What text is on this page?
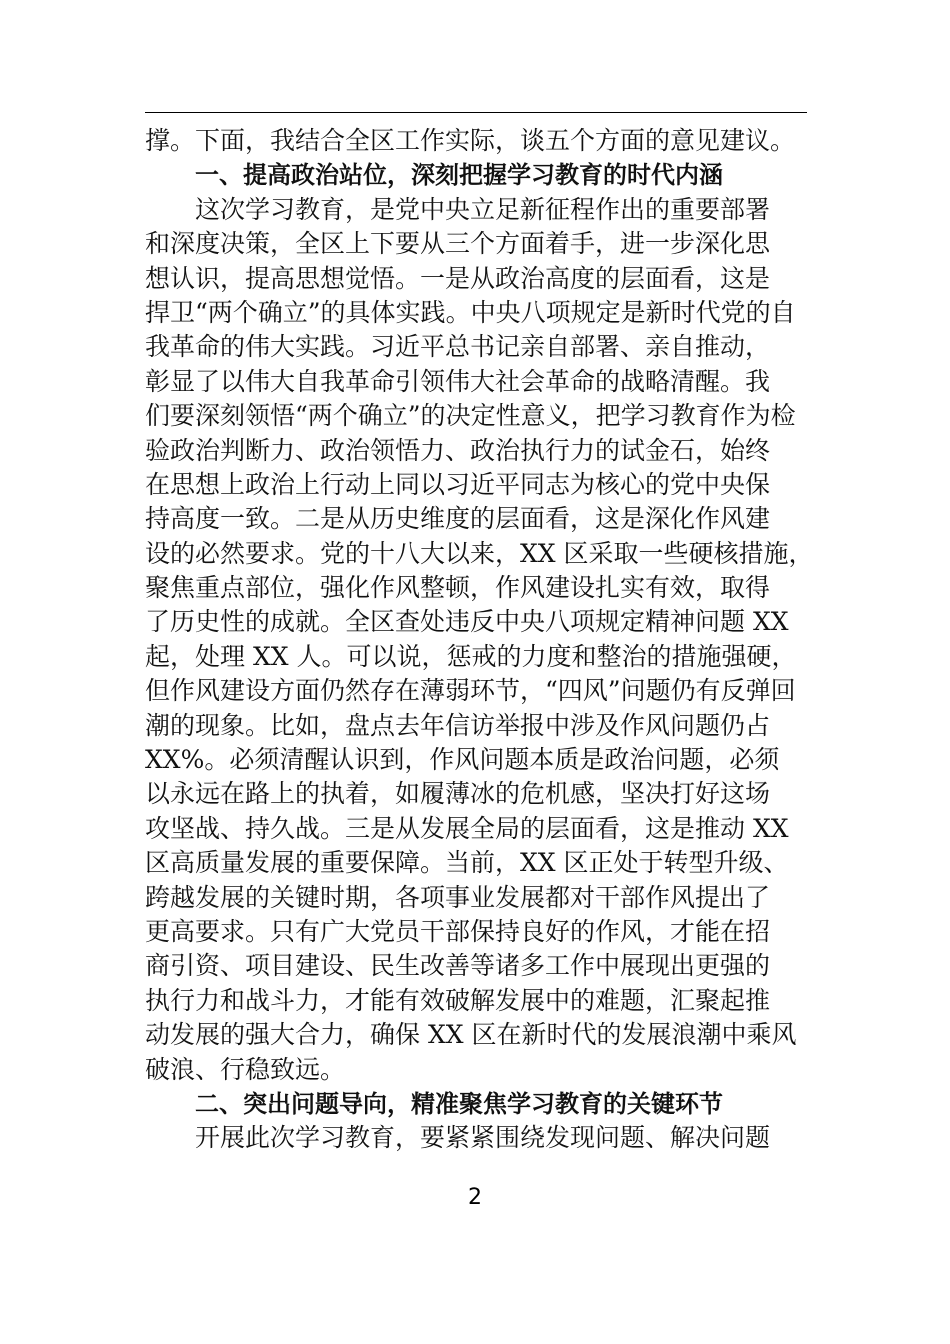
撑。下面，我结合全区工作实际，谈五个方面的意见建议。
一、提高政治站位，深刻把握学习教育的时代内涵
这次学习教育，是党中央立足新征程作出的重要部署
和深度决策，全区上下要从三个方面着手，进一步深化思
想认识，提高思想觉悟。一是从政治高度的层面看，这是
捍卫“两个确立”的具体实践。中央八项规定是新时代党的自
我革命的伟大实践。习近平总书记亲自部署、亲自推动，
彰显了以伟大自我革命引领伟大社会革命的战略清醒。我
们要深刻领悟“两个确立”的决定性意义，把学习教育作为检
验政治判断力、政治领悟力、政治执行力的试金石，始终
在思想上政治上行动上同以习近平同志为核心的党中央保
持高度一致。二是从历史维度的层面看，这是深化作风建
设的必然要求。党的十八大以来，XX 区采取一些硬核措施，
聚焦重点部位，强化作风整顿，作风建设扎实有效，取得
了历史性的成就。全区查处违反中央八项规定精神问题 XX
起，处理 XX 人。可以说，惩戒的力度和整治的措施强硬，
但作风建设方面仍然存在薄弱环节，“四风”问题仍有反弹回
潮的现象。比如，盘点去年信访举报中涉及作风问题仍占
XX%。必须清醒认识到，作风问题本质是政治问题，必须
以永远在路上的执着，如履薄冰的危机感，坚决打好这场
攻坚战、持久战。三是从发展全局的层面看，这是推动 XX
区高质量发展的重要保障。当前，XX 区正处于转型升级、
跨越发展的关键时期，各项事业发展都对干部作风提出了
更高要求。只有广大党员干部保持良好的作风，才能在招
商引资、项目建设、民生改善等诸多工作中展现出更强的
执行力和战斗力，才能有效破解发展中的难题，汇聚起推
动发展的强大合力，确保 XX 区在新时代的发展浪潮中乘风
破浪、行稳致远。
二、突出问题导向，精准聚焦学习教育的关键环节
开展此次学习教育，要紧紧围绕发现问题、解决问题
2
